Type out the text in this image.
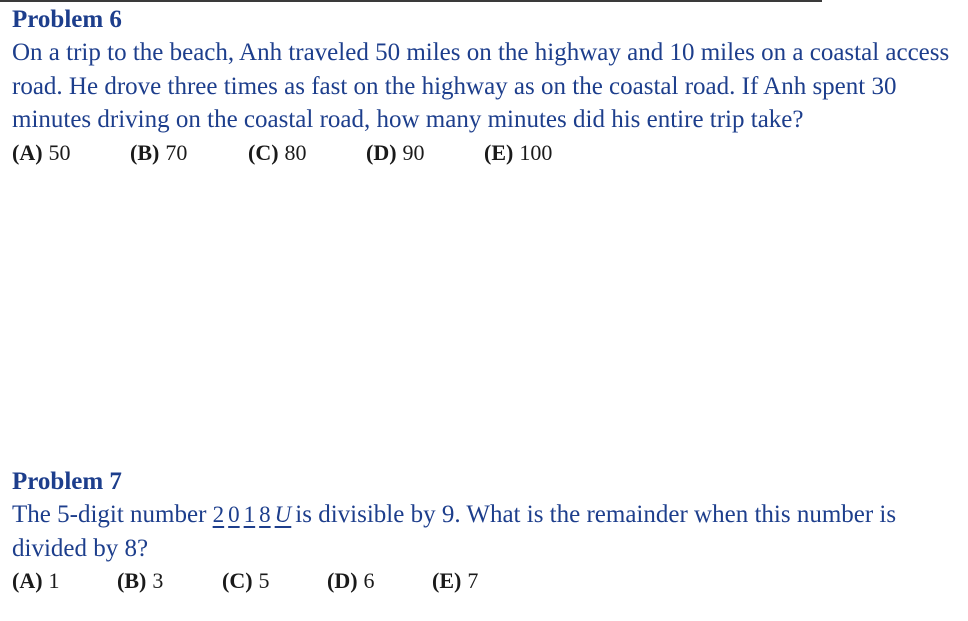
Problem 6
On a trip to the beach, Anh traveled 50 miles on the highway and 10 miles on a coastal access road. He drove three times as fast on the highway as on the coastal road. If Anh spent 30 minutes driving on the coastal road, how many minutes did his entire trip take?
(A) 50	(B) 70	(C) 80	(D) 90	(E) 100
Problem 7
The 5-digit number 2 0 1 8 U is divisible by 9. What is the remainder when this number is divided by 8?
(A) 1	(B) 3	(C) 5	(D) 6	(E) 7
